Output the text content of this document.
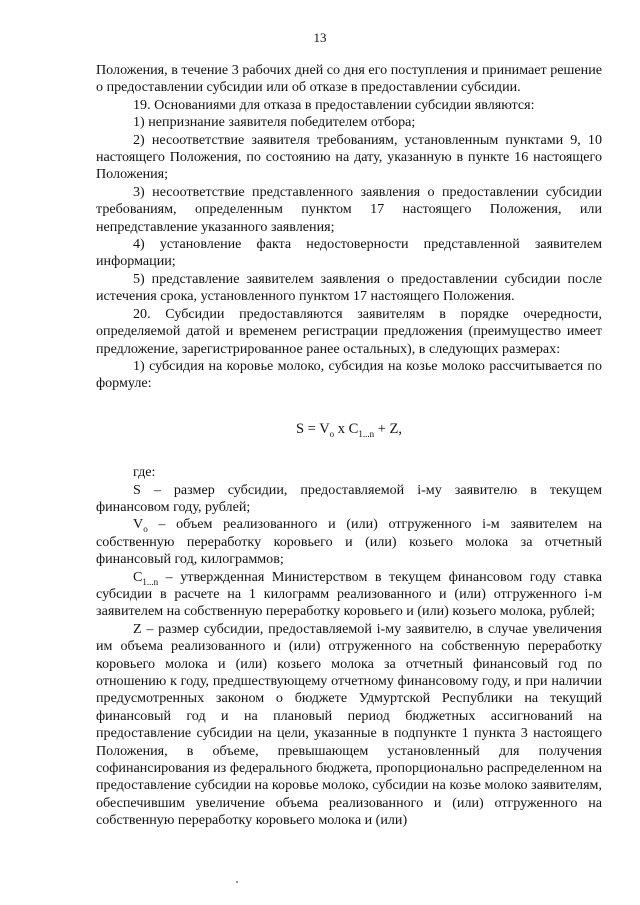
13

Положения, в течение 3 рабочих дней со дня его поступления и принимает решение о предоставлении субсидии или об отказе в предоставлении субсидии.

19. Основаниями для отказа в предоставлении субсидии являются:

1) непризнание заявителя победителем отбора;

2) несоответствие заявителя требованиям, установленным пунктами 9, 10 настоящего Положения, по состоянию на дату, указанную в пункте 16 настоящего Положения;

3) несоответствие представленного заявления о предоставлении субсидии требованиям, определенным пунктом 17 настоящего Положения, или непредставление указанного заявления;

4) установление факта недостоверности представленной заявителем информации;

5) представление заявителем заявления о предоставлении субсидии после истечения срока, установленного пунктом 17 настоящего Положения.

20. Субсидии предоставляются заявителям в порядке очередности, определяемой датой и временем регистрации предложения (преимущество имеет предложение, зарегистрированное ранее остальных), в следующих размерах:

1) субсидия на коровье молоко, субсидия на козье молоко рассчитывается по формуле:

$S = V_o$ x $C_{1...n} + Z$,

где:

S – размер субсидии, предоставляемой i-му заявителю в текущем финансовом году, рублей;

$V_o$ – объем реализованного и (или) отгруженного i-м заявителем на собственную переработку коровьего и (или) козьего молока за отчетный финансовый год, килограммов;

$C_{1...n}$ – утвержденная Министерством в текущем финансовом году ставка субсидии в расчете на 1 килограмм реализованного и (или) отгруженного i-м заявителем на собственную переработку коровьего и (или) козьего молока, рублей;

Z – размер субсидии, предоставляемой i-му заявителю, в случае увеличения им объема реализованного и (или) отгруженного на собственную переработку коровьего молока и (или) козьего молока за отчетный финансовый год по отношению к году, предшествующему отчетному финансовому году, и при наличии предусмотренных законом о бюджете Удмуртской Республики на текущий финансовый год и на плановый период бюджетных ассигнований на предоставление субсидии на цели, указанные в подпункте 1 пункта 3 настоящего Положения, в объеме, превышающем установленный для получения софинансирования из федерального бюджета, пропорционально распределенном на предоставление субсидии на коровье молоко, субсидии на козье молоко заявителям, обеспечившим увеличение объема реализованного и (или) отгруженного на собственную переработку коровьего молока и (или)
